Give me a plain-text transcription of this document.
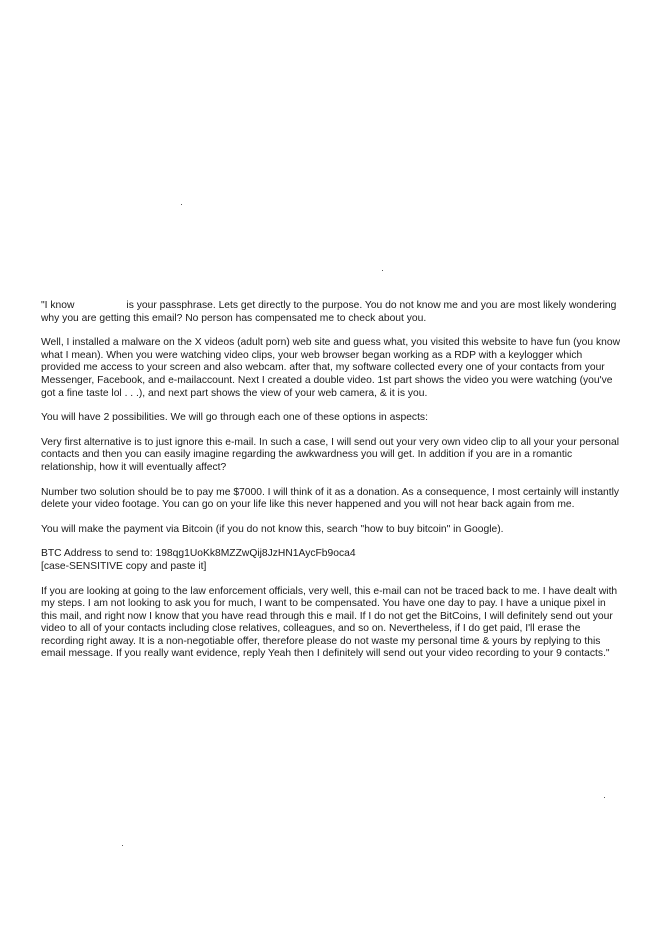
"I know	is your passphrase. Lets get directly to the purpose. You do not know me and you are most likely wondering why you are getting this email? No person has compensated me to check about you.

Well, I installed a malware on the X videos (adult porn) web site and guess what, you visited this website to have fun (you know what I mean). When you were watching video clips, your web browser began working as a RDP with a keylogger which provided me access to your screen and also webcam. after that, my software collected every one of your contacts from your Messenger, Facebook, and e-mailaccount. Next I created a double video. 1st part shows the video you were watching (you've got a fine taste lol . . .), and next part shows the view of your web camera, & it is you.

You will have 2 possibilities. We will go through each one of these options in aspects:

Very first alternative is to just ignore this e-mail. In such a case, I will send out your very own video clip to all your your personal contacts and then you can easily imagine regarding the awkwardness you will get. In addition if you are in a romantic relationship, how it will eventually affect?

Number two solution should be to pay me $7000. I will think of it as a donation. As a consequence, I most certainly will instantly delete your video footage. You can go on your life like this never happened and you will not hear back again from me.

You will make the payment via Bitcoin (if you do not know this, search "how to buy bitcoin" in Google).

BTC Address to send to: 198qg1UoKk8MZZwQij8JzHN1AycFb9oca4
[case-SENSITIVE copy and paste it]

If you are looking at going to the law enforcement officials, very well, this e-mail can not be traced back to me. I have dealt with my steps. I am not looking to ask you for much, I want to be compensated. You have one day to pay. I have a unique pixel in this mail, and right now I know that you have read through this e mail. If I do not get the BitCoins, I will definitely send out your video to all of your contacts including close relatives, colleagues, and so on. Nevertheless, if I do get paid, I'll erase the recording right away. It is a non-negotiable offer, therefore please do not waste my personal time & yours by replying to this email message. If you really want evidence, reply Yeah then I definitely will send out your video recording to your 9 contacts."
